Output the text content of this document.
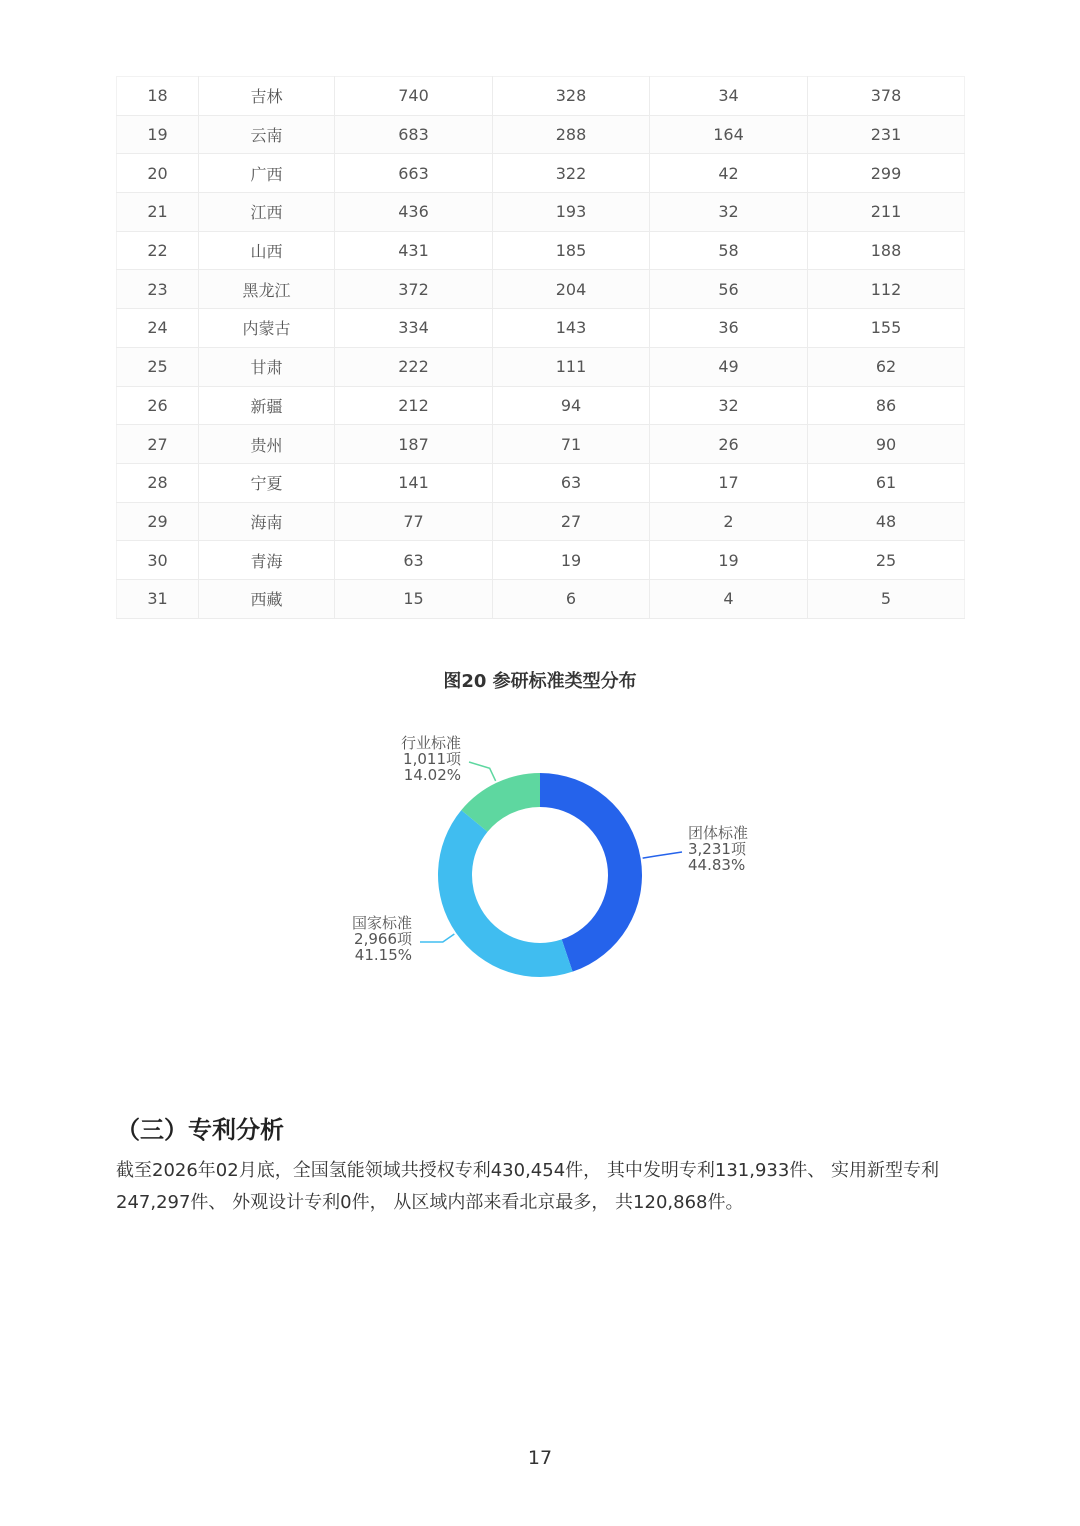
18	吉林	740	328	34	378
19	云南	683	288	164	231
20	广西	663	322	42	299
21	江西	436	193	32	211
22	山西	431	185	58	188
23	黑龙江	372	204	56	112
24	内蒙古	334	143	36	155
25	甘肃	222	111	49	62
26	新疆	212	94	32	86
27	贵州	187	71	26	90
28	宁夏	141	63	17	61
29	海南	77	27	2	48
30	青海	63	19	19	25
31	西藏	15	6	4	5
图20 参研标准类型分布
团体标准
3,231项
44.83%
国家标准
2,966项
41.15%
行业标准
1,011项
14.02%
（三）专利分析
截至2026年02月底，全国氢能领域共授权专利430,454件， 其中发明专利131,933件、 实用新型专利
247,297件、 外观设计专利0件， 从区域内部来看北京最多， 共120,868件。
17
